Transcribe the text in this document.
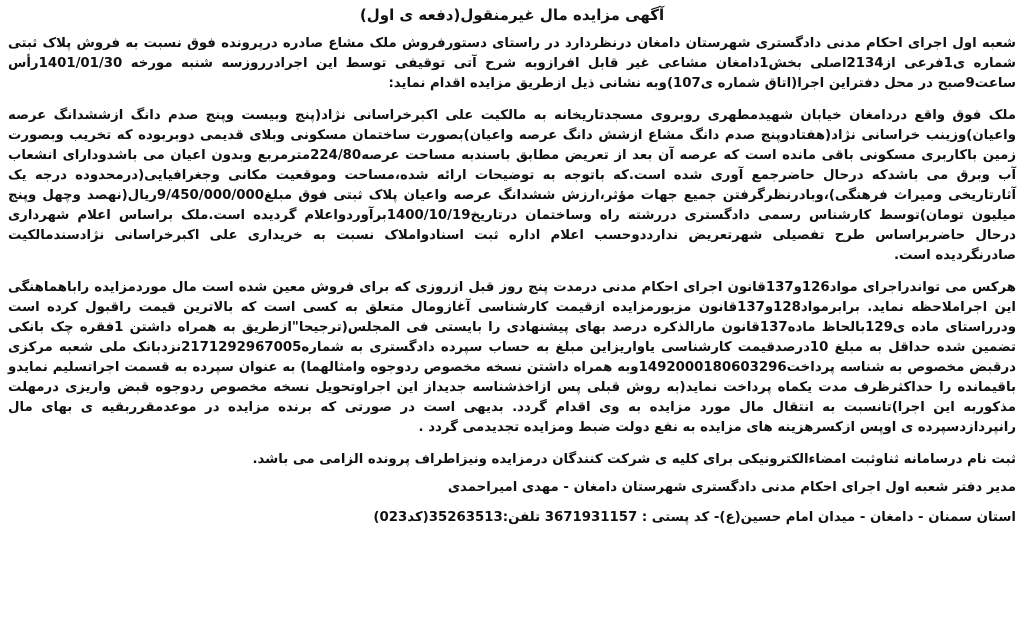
آگهی مزایده مال غیرمنقول(دفعه ی اول)

شعبه اول اجرای احکام مدنی دادگستری شهرستان دامغان درنظردارد در راستای دستورفروش ملک مشاع صادره درپرونده فوق نسبت به فروش پلاک ثبتی شماره ی1فرعی از2134اصلی بخش1دامغان مشاعی غیر قابل افرازوبه شرح آتی توقیفی توسط این اجرادرروزسه شنبه مورخه 1401/01/30رأس ساعت9صبح در محل دفتراین اجرا(اتاق شماره ی107)وبه نشانی ذیل ازطریق مزایده اقدام نماید:

ملک فوق واقع دردامغان خیابان شهیدمطهری روبروی مسجدتاریخانه به مالکیت علی اکبرخراسانی نژاد(پنج وبیست وپنج صدم دانگ ازششدانگ عرصه واعیان)وزینب خراسانی نژاد(هفتادوپنج صدم دانگ مشاع ازشش دانگ عرصه واعیان)بصورت ساختمان مسکونی وبلای قدیمی دوبربوده که تخریب وبصورت زمین باکاربری مسکونی باقی مانده است که عرصه آن بعد از تعریض مطابق باسندبه مساحت عرصه224/80مترمربع وبدون اعیان می باشدودارای انشعاب آب وبرق می باشدکه درحال حاضرجمع آوری شده است.که باتوجه به توضیحات ارائه شده،مساحت وموقعیت مکانی وجغرافیایی(درمحدوده درجه یک آثارتاریخی ومیراث فرهنگی)،وبادرنظرگرفتن جمیع جهات مؤثر،ارزش ششدانگ عرصه واعیان پلاک ثبتی فوق مبلغ9/450/000/000ریال(نهصد وچهل وپنج میلیون تومان)توسط کارشناس رسمی دادگستری دررشته راه وساختمان درتاریخ1400/10/19برآوردواعلام گردیده است.ملک براساس اعلام شهرداری درحال حاضربراساس طرح تفصیلی شهرتعریض ندارددوحسب اعلام اداره ثبت اسنادواملاک نسبت به خریداری علی اکبرخراسانی نژادسندمالکیت صادرنگردیده است.

هرکس می تواندراجرای مواد126و137قانون اجرای احکام مدنی درمدت پنج روز قبل ازروزی که برای فروش معین شده است مال موردمزایده راباهماهنگی این اجراملاحظه نماید. برابرمواد128و137قانون مزبورمزایده ازقیمت کارشناسی آغازومال متعلق به کسی است که بالاترین قیمت راقبول کرده است ودرراستای ماده ی129بالحاظ ماده137قانون مارالذکره درصد بهای پیشنهادی را بایستی فی المجلس(ترجیحا"ازطریق به همراه داشتن 1فقره چک بانکی تضمین شده حداقل به مبلغ 10درصدقیمت کارشناسی یاواریزاین مبلغ به حساب سپرده دادگستری به شماره2171292967005نزدبانک ملی شعبه مرکزی درقبض مخصوص به شناسه پرداخت1492000180603296وبه همراه داشتن نسخه مخصوص ردوجوه وامثالهما) به عنوان سپرده به قسمت اجراتسلیم نمایدو باقیمانده را حداکثرظرف مدت یکماه پرداخت نماید(به روش قبلی پس ازاخذشناسه جدیداز این اجراوتحویل نسخه مخصوص ردوجوه قبض واریزی درمهلت مذکوربه این اجرا)تانسبت به انتقال مال مورد مزایده به وی اقدام گردد. بدیهی است در صورتی که برنده مزایده در موعدمقرربقیه ی بهای مال رانپردازدسپرده ی اوپس ازکسرهزینه های مزایده به نفع دولت ضبط ومزایده تجدیدمی گردد .

ثبت نام درسامانه ثناوثبت امضاءالکترونیکی برای کلیه ی شرکت کنندگان درمزایده ونیزاطراف پرونده الزامی می باشد.
مدیر دفتر شعبه اول اجرای احکام مدنی دادگستری شهرستان دامغان - مهدی امیراحمدی
استان سمنان - دامغان - میدان امام حسین(ع)- کد پستی : 3671931157 تلفن:35263513(کد023)
